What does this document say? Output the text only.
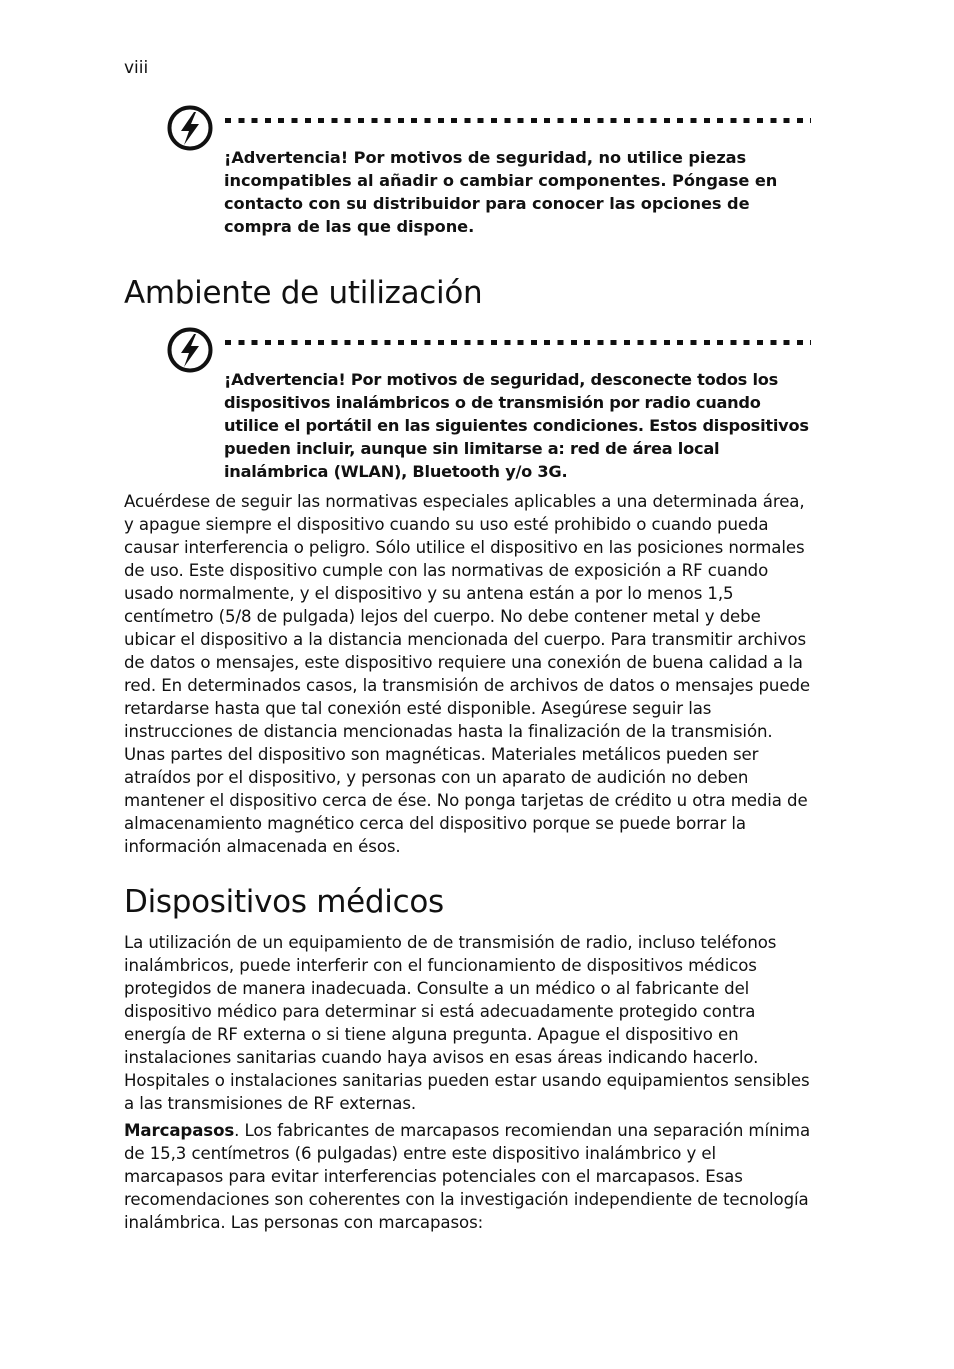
viii

¡Advertencia! Por motivos de seguridad, no utilice piezas incompatibles al añadir o cambiar componentes. Póngase en contacto con su distribuidor para conocer las opciones de compra de las que dispone.

Ambiente de utilización

¡Advertencia! Por motivos de seguridad, desconecte todos los dispositivos inalámbricos o de transmisión por radio cuando utilice el portátil en las siguientes condiciones. Estos dispositivos pueden incluir, aunque sin limitarse a: red de área local inalámbrica (WLAN), Bluetooth y/o 3G.

Acuérdese de seguir las normativas especiales aplicables a una determinada área, y apague siempre el dispositivo cuando su uso esté prohibido o cuando pueda causar interferencia o peligro. Sólo utilice el dispositivo en las posiciones normales de uso. Este dispositivo cumple con las normativas de exposición a RF cuando usado normalmente, y el dispositivo y su antena están a por lo menos 1,5 centímetro (5/8 de pulgada) lejos del cuerpo. No debe contener metal y debe ubicar el dispositivo a la distancia mencionada del cuerpo. Para transmitir archivos de datos o mensajes, este dispositivo requiere una conexión de buena calidad a la red. En determinados casos, la transmisión de archivos de datos o mensajes puede retardarse hasta que tal conexión esté disponible. Asegúrese seguir las instrucciones de distancia mencionadas hasta la finalización de la transmisión. Unas partes del dispositivo son magnéticas. Materiales metálicos pueden ser atraídos por el dispositivo, y personas con un aparato de audición no deben mantener el dispositivo cerca de ése. No ponga tarjetas de crédito u otra media de almacenamiento magnético cerca del dispositivo porque se puede borrar la información almacenada en ésos.

Dispositivos médicos

La utilización de un equipamiento de de transmisión de radio, incluso teléfonos inalámbricos, puede interferir con el funcionamiento de dispositivos médicos protegidos de manera inadecuada. Consulte a un médico o al fabricante del dispositivo médico para determinar si está adecuadamente protegido contra energía de RF externa o si tiene alguna pregunta. Apague el dispositivo en instalaciones sanitarias cuando haya avisos en esas áreas indicando hacerlo. Hospitales o instalaciones sanitarias pueden estar usando equipamientos sensibles a las transmisiones de RF externas.

Marcapasos. Los fabricantes de marcapasos recomiendan una separación mínima de 15,3 centímetros (6 pulgadas) entre este dispositivo inalámbrico y el marcapasos para evitar interferencias potenciales con el marcapasos. Esas recomendaciones son coherentes con la investigación independiente de tecnología inalámbrica. Las personas con marcapasos:
